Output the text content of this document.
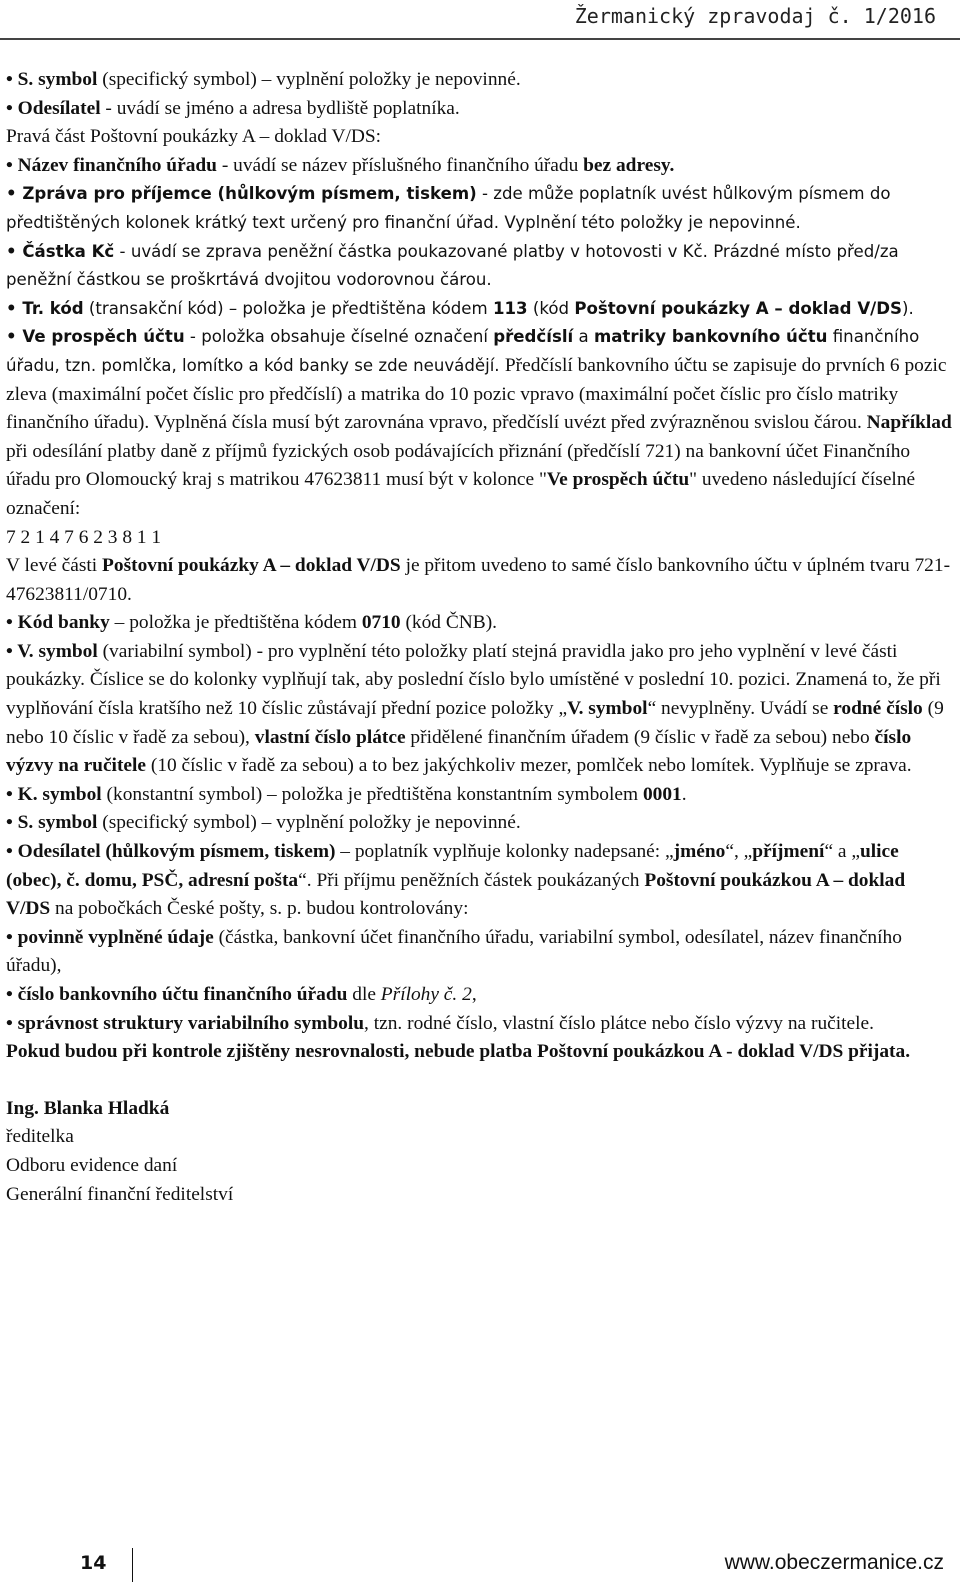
Žermanický zpravodaj č. 1/2016

• S. symbol (specifický symbol) – vyplnění položky je nepovinné.

• Odesílatel - uvádí se jméno a adresa bydliště poplatníka.

Pravá část Poštovní poukázky A – doklad V/DS:

• Název finančního úřadu - uvádí se název příslušného finančního úřadu bez adresy.

• Zpráva pro příjemce (hůlkovým písmem, tiskem) - zde může poplatník uvést hůlkovým písmem do předtištěných kolonek krátký text určený pro finanční úřad. Vyplnění této položky je nepovinné.

• Částka Kč - uvádí se zprava peněžní částka poukazované platby v hotovosti v Kč. Prázdné místo před/za peněžní částkou se proškrtává dvojitou vodorovnou čárou.

• Tr. kód (transakční kód) – položka je předtištěna kódem 113 (kód Poštovní poukázky A – doklad V/DS).

• Ve prospěch účtu - položka obsahuje číselné označení předčíslí a matriky bankovního účtu finančního úřadu, tzn. pomlčka, lomítko a kód banky se zde neuvádějí. Předčíslí bankovního účtu se zapisuje do prvních 6 pozic zleva (maximální počet číslic pro předčíslí) a matrika do 10 pozic vpravo (maximální počet číslic pro číslo matriky finančního úřadu). Vyplněná čísla musí být zarovnána vpravo, předčíslí uvézt před zvýrazněnou svislou čárou. Například při odesílání platby daně z příjmů fyzických osob podávajících přiznání (předčíslí 721) na bankovní účet Finančního úřadu pro Olomoucký kraj s matrikou 47623811 musí být v kolonce "Ve prospěch účtu" uvedeno následující číselné označení:

7 2 1 4 7 6 2 3 8 1 1

V levé části Poštovní poukázky A – doklad V/DS je přitom uvedeno to samé číslo bankovního účtu v úplném tvaru 721-47623811/0710.

• Kód banky – položka je předtištěna kódem 0710 (kód ČNB).

• V. symbol (variabilní symbol) - pro vyplnění této položky platí stejná pravidla jako pro jeho vyplnění v levé části poukázky. Číslice se do kolonky vyplňují tak, aby poslední číslo bylo umístěné v poslední 10. pozici. Znamená to, že při vyplňování čísla kratšího než 10 číslic zůstávají přední pozice položky „V. symbol“ nevyplněny. Uvádí se rodné číslo (9 nebo 10 číslic v řadě za sebou), vlastní číslo plátce přidělené finančním úřadem (9 číslic v řadě za sebou) nebo číslo výzvy na ručitele (10 číslic v řadě za sebou) a to bez jakýchkoliv mezer, pomlček nebo lomítek. Vyplňuje se zprava.

• K. symbol (konstantní symbol) – položka je předtištěna konstantním symbolem 0001.

• S. symbol (specifický symbol) – vyplnění položky je nepovinné.

• Odesílatel (hůlkovým písmem, tiskem) – poplatník vyplňuje kolonky nadepsané: „jméno“, „příjmení“ a „ulice (obec), č. domu, PSČ, adresní pošta“. Při příjmu peněžních částek poukázaných Poštovní poukázkou A – doklad V/DS na pobočkách České pošty, s. p. budou kontrolovány:

• povinně vyplněné údaje (částka, bankovní účet finančního úřadu, variabilní symbol, odesílatel, název finančního úřadu),

• číslo bankovního účtu finančního úřadu dle Přílohy č. 2,

• správnost struktury variabilního symbolu, tzn. rodné číslo, vlastní číslo plátce nebo číslo výzvy na ručitele.

Pokud budou při kontrole zjištěny nesrovnalosti, nebude platba Poštovní poukázkou A - doklad V/DS přijata.

Ing. Blanka Hladká

ředitelka

Odboru evidence daní

Generální finanční ředitelství

14	www.obeczermanice.cz
